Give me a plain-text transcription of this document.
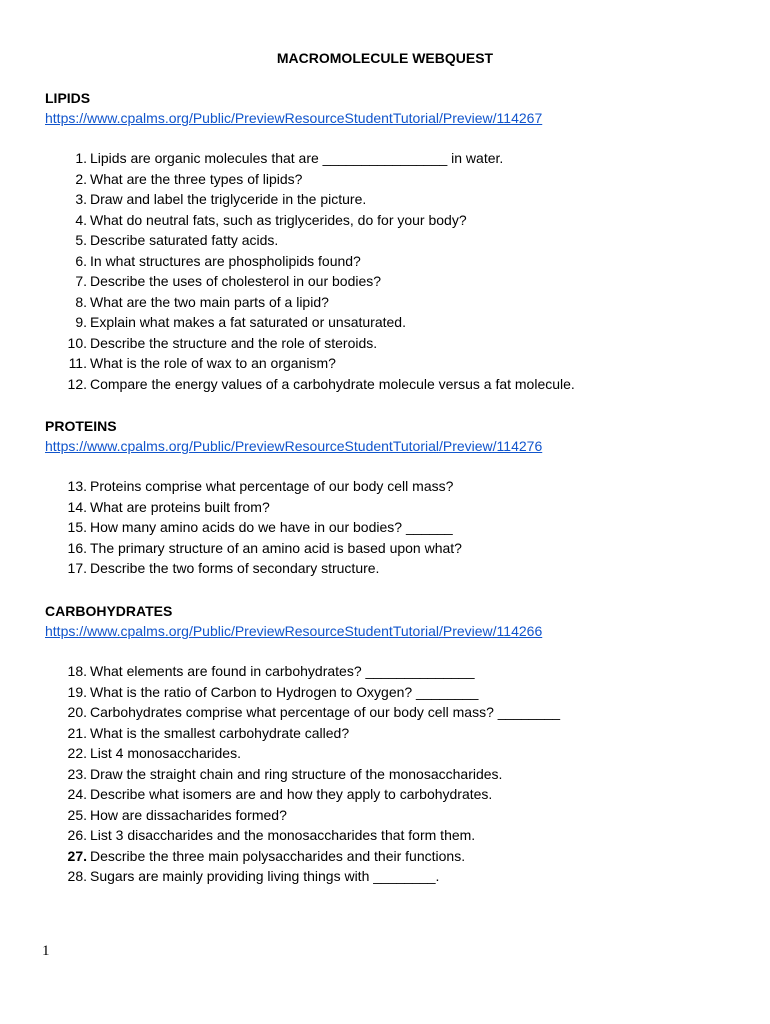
MACROMOLECULE WEBQUEST
LIPIDS
https://www.cpalms.org/Public/PreviewResourceStudentTutorial/Preview/114267
1. Lipids are organic molecules that are ________________ in water.
2. What are the three types of lipids?
3. Draw and label the triglyceride in the picture.
4. What do neutral fats, such as triglycerides, do for your body?
5. Describe saturated fatty acids.
6. In what structures are phospholipids found?
7. Describe the uses of cholesterol in our bodies?
8. What are the two main parts of a lipid?
9. Explain what makes a fat saturated or unsaturated.
10. Describe the structure and the role of steroids.
11. What is the role of wax to an organism?
12. Compare the energy values of a carbohydrate molecule versus a fat molecule.
PROTEINS
https://www.cpalms.org/Public/PreviewResourceStudentTutorial/Preview/114276
13. Proteins comprise what percentage of our body cell mass?
14. What are proteins built from?
15. How many amino acids do we have in our bodies? ______
16. The primary structure of an amino acid is based upon what?
17. Describe the two forms of secondary structure.
CARBOHYDRATES
https://www.cpalms.org/Public/PreviewResourceStudentTutorial/Preview/114266
18. What elements are found in carbohydrates? ______________
19. What is the ratio of Carbon to Hydrogen to Oxygen? ________
20. Carbohydrates comprise what percentage of our body cell mass? ________
21. What is the smallest carbohydrate called?
22. List 4 monosaccharides.
23. Draw the straight chain and ring structure of the monosaccharides.
24. Describe what isomers are and how they apply to carbohydrates.
25. How are dissacharides formed?
26. List 3 disaccharides and the monosaccharides that form them.
27. Describe the three main polysaccharides and their functions.
28. Sugars are mainly providing living things with ________.
1
